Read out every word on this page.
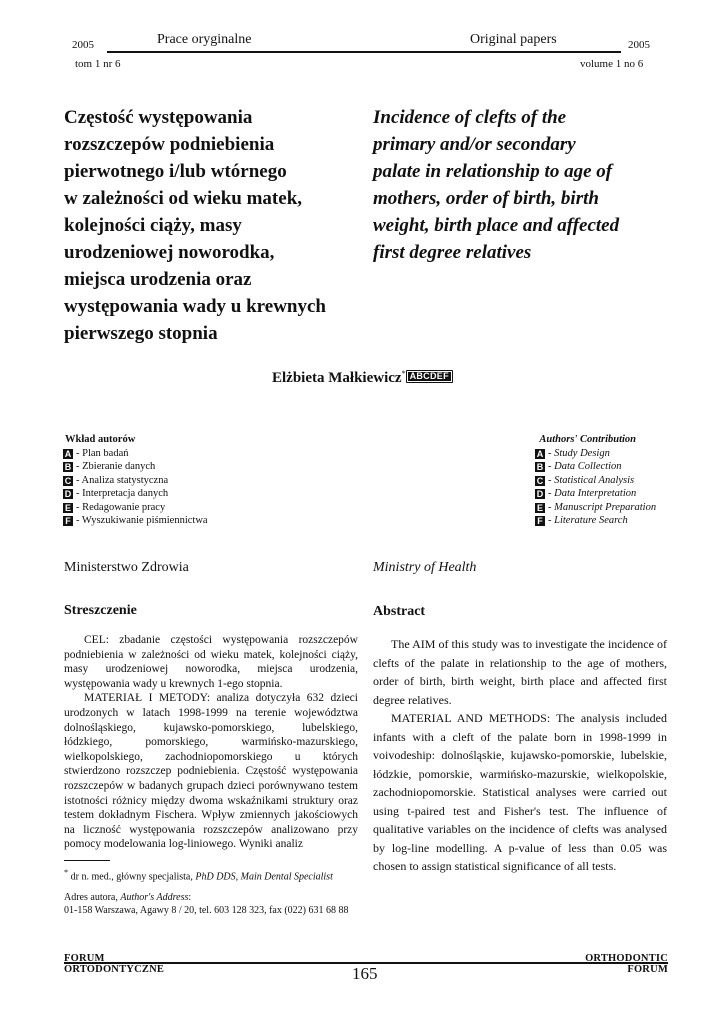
2005	Prace oryginalne	Original papers	2005
tom 1 nr 6	volume 1 no 6
Częstość występowania
rozszczepów podniebienia
pierwotnego i/lub wtórnego
w zależności od wieku matek,
kolejności ciąży, masy
urodzeniowej noworodka,
miejsca urodzenia oraz
występowania wady u krewnych
pierwszego stopnia
Incidence of clefts of the
primary and/or secondary
palate in relationship to age of
mothers, order of birth, birth
weight, birth place and affected
first degree relatives
Elżbieta Małkiewicz* ABCDEF
Wkład autorów
A - Plan badań
B - Zbieranie danych
C - Analiza statystyczna
D - Interpretacja danych
E - Redagowanie pracy
F - Wyszukiwanie piśmiennictwa
Authors' Contribution
A - Study Design
B - Data Collection
C - Statistical Analysis
D - Data Interpretation
E - Manuscript Preparation
F - Literature Search
Ministerstwo Zdrowia	Ministry of Health
Streszczenie	Abstract

CEL: zbadanie częstości występowania rozszczepów podniebienia w zależności od wieku matek, kolejności ciąży, masy urodzeniowej noworodka, miejsca urodzenia, występowania wady u krewnych 1-ego stopnia.

MATERIAŁ I METODY: analiza dotyczyła 632 dzieci urodzonych w latach 1998-1999 na terenie województwa dolnośląskiego, kujawsko-pomorskiego, lubelskiego, łódzkiego, pomorskiego, warmińsko-mazurskiego, wielkopolskiego, zachodniopomorskiego u których stwierdzono rozszczep podniebienia. Częstość występowania rozszczepów w badanych grupach dzieci porównywano testem istotności różnicy między dwoma wskaźnikami struktury oraz testem dokładnym Fischera. Wpływ zmiennych jakościowych na liczność występowania rozszczepów analizowano przy pomocy modelowania log-liniowego. Wyniki analiz

The AIM of this study was to investigate the incidence of clefts of the palate in relationship to the age of mothers, order of birth, birth weight, birth place and affected first degree relatives.

MATERIAL AND METHODS: The analysis included infants with a cleft of the palate born in 1998-1999 in voivodeship: dolnośląskie, kujawsko-pomorskie, lubelskie, łódzkie, pomorskie, warmińsko-mazurskie, wielkopolskie, zachodniopomorskie. Statistical analyses were carried out using t-paired test and Fisher's test. The influence of qualitative variables on the incidence of clefts was analysed by log-line modelling. A p-value of less than 0.05 was chosen to assign statistical significance of all tests.

* dr n. med., główny specjalista, PhD DDS, Main Dental Specialist
Adres autora, Author's Address:
01-158 Warszawa, Agawy 8 / 20, tel. 603 128 323, fax (022) 631 68 88
FORUM
ORTODONTYCZNE	165
ORTHODONTIC
FORUM
